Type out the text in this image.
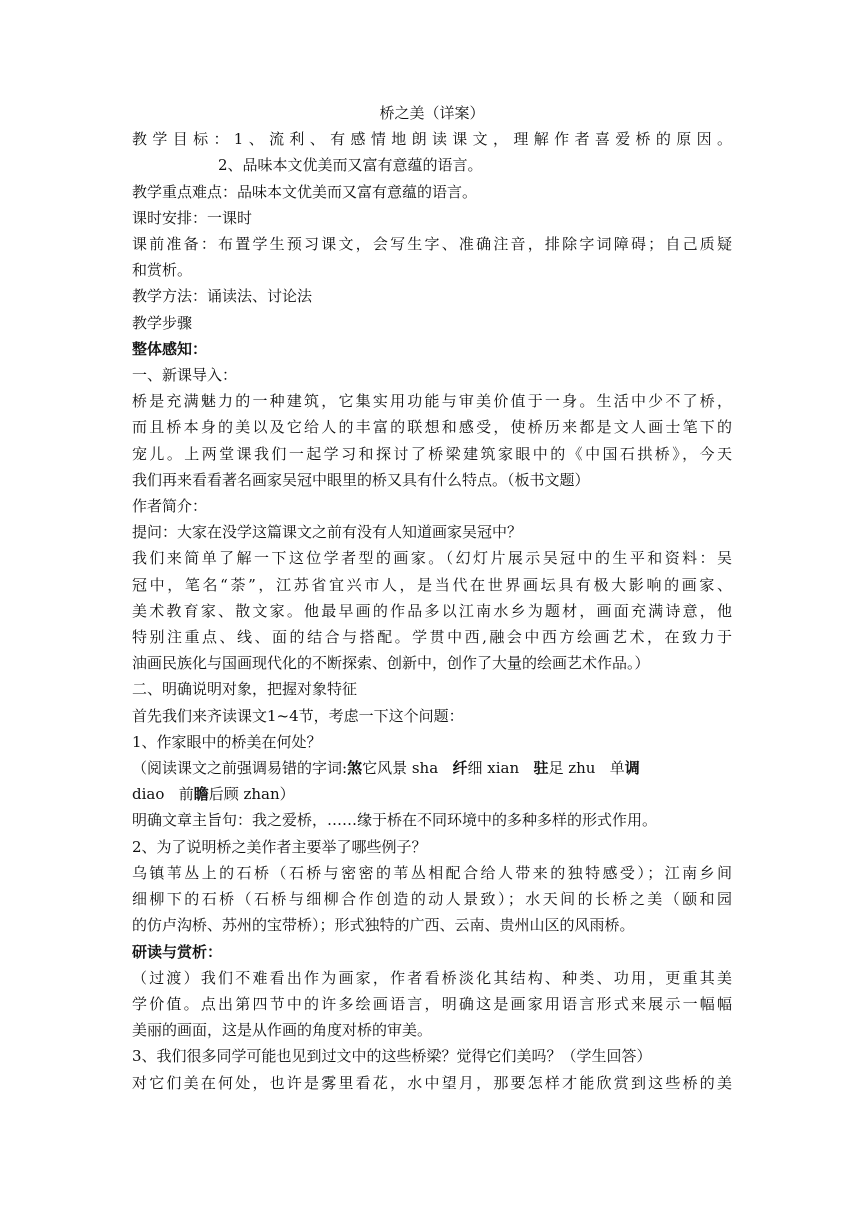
桥之美（详案）

教学目标：1、流利、有感情地朗读课文，理解作者喜爱桥的原因。

2、品味本文优美而又富有意蕴的语言。

教学重点难点：品味本文优美而又富有意蕴的语言。

课时安排：一课时

课前准备：布置学生预习课文，会写生字、准确注音，排除字词障碍；自己质疑

和赏析。

教学方法：诵读法、讨论法

教学步骤

整体感知：

一、新课导入：

桥是充满魅力的一种建筑，它集实用功能与审美价值于一身。生活中少不了桥，

而且桥本身的美以及它给人的丰富的联想和感受，使桥历来都是文人画士笔下的

宠儿。上两堂课我们一起学习和探讨了桥梁建筑家眼中的《中国石拱桥》，今天

我们再来看看著名画家吴冠中眼里的桥又具有什么特点。（板书文题）

作者简介：

提问：大家在没学这篇课文之前有没有人知道画家吴冠中？

我们来简单了解一下这位学者型的画家。（幻灯片展示吴冠中的生平和资料：吴

冠中，笔名“荼”，江苏省宜兴市人，是当代在世界画坛具有极大影响的画家、

美术教育家、散文家。他最早画的作品多以江南水乡为题材，画面充满诗意，他

特别注重点、线、面的结合与搭配。学贯中西,融会中西方绘画艺术，在致力于

油画民族化与国画现代化的不断探索、创新中，创作了大量的绘画艺术作品。）

二、明确说明对象，把握对象特征

首先我们来齐读课文1~4节，考虑一下这个问题：

1、作家眼中的桥美在何处？

（阅读课文之前强调易错的字词:煞它风景 sha 纤细 xian 驻足 zhu 单调

diao 前瞻后顾 zhan）

明确文章主旨句：我之爱桥，……缘于桥在不同环境中的多种多样的形式作用。

2、为了说明桥之美作者主要举了哪些例子？

乌镇苇丛上的石桥（石桥与密密的苇丛相配合给人带来的独特感受）；江南乡间

细柳下的石桥（石桥与细柳合作创造的动人景致）；水天间的长桥之美（颐和园

的仿卢沟桥、苏州的宝带桥）；形式独特的广西、云南、贵州山区的风雨桥。

研读与赏析：

（过渡）我们不难看出作为画家，作者看桥淡化其结构、种类、功用，更重其美

学价值。点出第四节中的许多绘画语言，明确这是画家用语言形式来展示一幅幅

美丽的画面，这是从作画的角度对桥的审美。

3、我们很多同学可能也见到过文中的这些桥梁？觉得它们美吗？（学生回答）

对它们美在何处，也许是雾里看花，水中望月，那要怎样才能欣赏到这些桥的美
